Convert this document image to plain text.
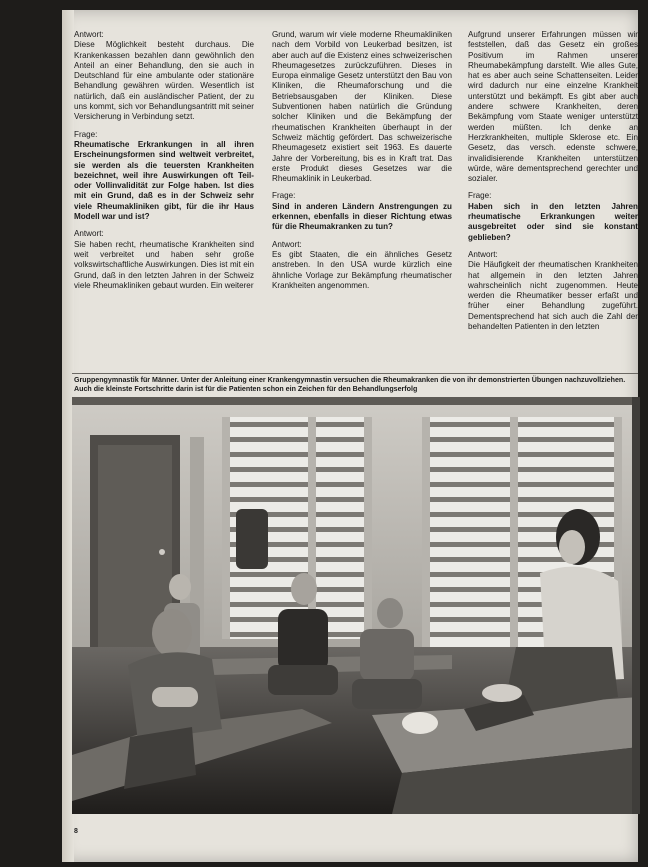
Antwort:

Diese Möglichkeit besteht durchaus. Die Krankenkassen bezahlen dann gewöhnlich den Anteil an einer Behandlung, den sie auch in Deutschland für eine ambulante oder stationäre Behandlung gewähren würden. Wesentlich ist natürlich, daß ein ausländischer Patient, der zu uns kommt, sich vor Behandlungsantritt mit seiner Versicherung in Verbindung setzt.

Frage:

Rheumatische Erkrankungen in all ihren Erscheinungsformen sind weltweit verbreitet, sie werden als die teuersten Krankheiten bezeichnet, weil ihre Auswirkungen oft Teil- oder Vollinvalidität zur Folge haben. Ist dies mit ein Grund, daß es in der Schweiz sehr viele Rheumakliniken gibt, für die ihr Haus Modell war und ist?

Antwort:

Sie haben recht, rheumatische Krankheiten sind weit verbreitet und haben sehr große volkswirtschaftliche Auswirkungen. Dies ist mit ein Grund, daß in den letzten Jahren in der Schweiz viele Rheumakliniken gebaut wurden. Ein weiterer

Grund, warum wir viele moderne Rheumakliniken nach dem Vorbild von Leukerbad besitzen, ist aber auch auf die Existenz eines schweizerischen Rheumagesetzes zurückzuführen. Dieses in Europa einmalige Gesetz unterstützt den Bau von Kliniken, die Rheumaforschung und die Betriebsausgaben der Kliniken. Diese Subventionen haben natürlich die Gründung solcher Kliniken und die Bekämpfung der rheumatischen Krankheiten überhaupt in der Schweiz mächtig gefördert. Das schweizerische Rheumagesetz existiert seit 1963. Es dauerte Jahre der Vorbereitung, bis es in Kraft trat. Das erste Produkt dieses Gesetzes war die Rheumaklinik in Leukerbad.

Frage:

Sind in anderen Ländern Anstrengungen zu erkennen, ebenfalls in dieser Richtung etwas für die Rheumakranken zu tun?

Antwort:

Es gibt Staaten, die ein ähnliches Gesetz anstreben. In den USA wurde kürzlich eine ähnliche Vorlage zur Bekämpfung rheumatischer Krankheiten angenommen.

Aufgrund unserer Erfahrungen müssen wir feststellen, daß das Gesetz ein großes Positivum im Rahmen unserer Rheumabekämpfung darstellt. Wie alles Gute, hat es aber auch seine Schattenseiten. Leider wird dadurch nur eine einzelne Krankheit unterstützt und bekämpft. Es gibt aber auch andere schwere Krankheiten, deren Bekämpfung vom Staate weniger unterstützt werden müßten. Ich denke an Herzkrankheiten, multiple Sklerose etc. Ein Gesetz, das versch. edenste schwere, invalidisierende Krankheiten unterstützen würde, wäre dementsprechend gerechter und sozialer.

Frage:

Haben sich in den letzten Jahren rheumatische Erkrankungen weiter ausgebreitet oder sind sie konstant geblieben?

Antwort:

Die Häufigkeit der rheumatischen Krankheiten hat allgemein in den letzten Jahren wahrscheinlich nicht zugenommen. Heute werden die Rheumatiker besser erfaßt und früher einer Behandlung zugeführt. Dementsprechend hat sich auch die Zahl der behandelten Patienten in den letzten

Gruppengymnastik für Männer. Unter der Anleitung einer Krankengymnastin versuchen die Rheumakranken die von ihr demonstrierten Übungen nachzuvollziehen. Auch die kleinste Fortschritte darin ist für die Patienten schon ein Zeichen für den Behandlungserfolg
8
